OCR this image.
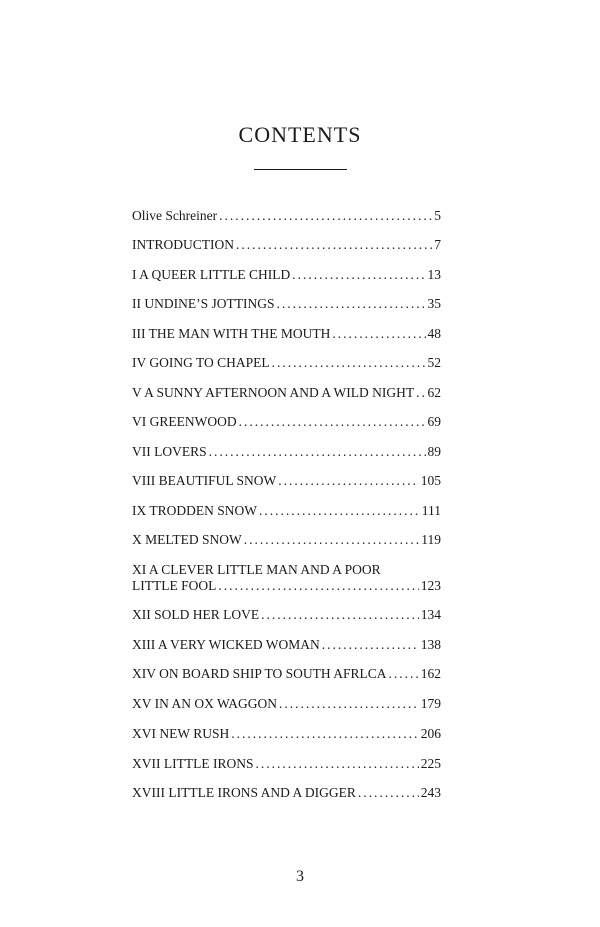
CONTENTS
Olive Schreiner .....	5
INTRODUCTION .....	7
I A QUEER LITTLE CHILD .....	13
II UNDINE’S JOTTINGS .....	35
III THE MAN WITH THE MOUTH .....	48
IV GOING TO CHAPEL .....	52
V A SUNNY AFTERNOON AND A WILD NIGHT ..... 62
VI GREENWOOD .....	69
VII LOVERS .....	89
VIII BEAUTIFUL SNOW .....	105
IX TRODDEN SNOW .....	111
X MELTED SNOW .....	119
XI A CLEVER LITTLE MAN AND A POOR
LITTLE FOOL .....	123
XII SOLD HER LOVE .....	134
XIII A VERY WICKED WOMAN .....	138
XIV ON BOARD SHIP TO SOUTH AFRLCA .....	162
XV IN AN OX WAGGON .....	179
XVI NEW RUSH .....	206
XVII LITTLE IRONS .....	225
XVIII LITTLE IRONS AND A DIGGER .....	243
3
